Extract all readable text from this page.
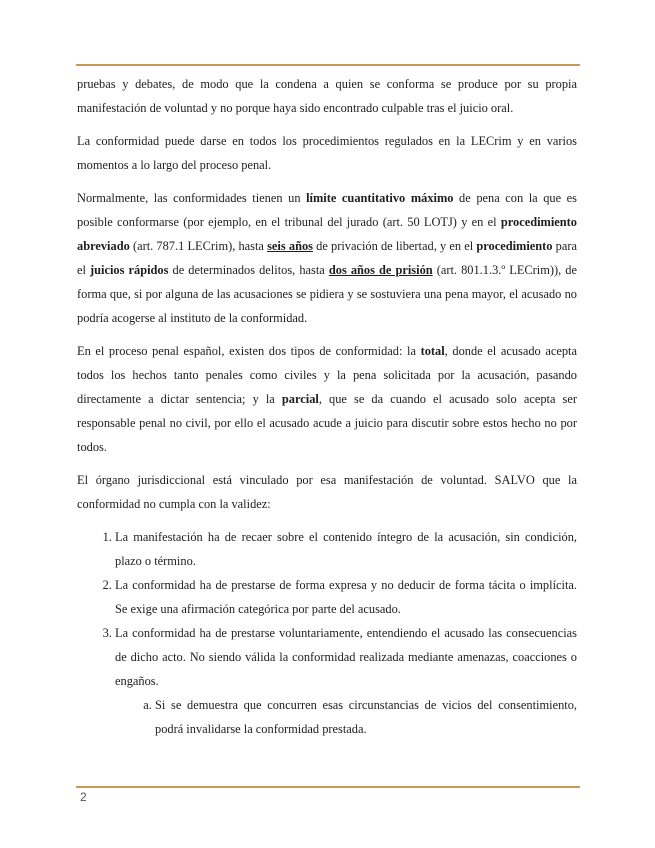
pruebas y debates, de modo que la condena a quien se conforma se produce por su propia manifestación de voluntad y no porque haya sido encontrado culpable tras el juicio oral.

La conformidad puede darse en todos los procedimientos regulados en la LECrim y en varios momentos a lo largo del proceso penal.

Normalmente, las conformidades tienen un límite cuantitativo máximo de pena con la que es posible conformarse (por ejemplo, en el tribunal del jurado (art. 50 LOTJ) y en el procedimiento abreviado (art. 787.1 LECrim), hasta seis años de privación de libertad, y en el procedimiento para el juicios rápidos de determinados delitos, hasta dos años de prisión (art. 801.1.3.º LECrim)), de forma que, si por alguna de las acusaciones se pidiera y se sostuviera una pena mayor, el acusado no podría acogerse al instituto de la conformidad.

En el proceso penal español, existen dos tipos de conformidad: la total, donde el acusado acepta todos los hechos tanto penales como civiles y la pena solicitada por la acusación, pasando directamente a dictar sentencia; y la parcial, que se da cuando el acusado solo acepta ser responsable penal no civil, por ello el acusado acude a juicio para discutir sobre estos hecho no por todos.

El órgano jurisdiccional está vinculado por esa manifestación de voluntad. SALVO que la conformidad no cumpla con la validez:

1. La manifestación ha de recaer sobre el contenido íntegro de la acusación, sin condición, plazo o término.
2. La conformidad ha de prestarse de forma expresa y no deducir de forma tácita o implícita. Se exige una afirmación categórica por parte del acusado.
3. La conformidad ha de prestarse voluntariamente, entendiendo el acusado las consecuencias de dicho acto. No siendo válida la conformidad realizada mediante amenazas, coacciones o engaños.
a. Si se demuestra que concurren esas circunstancias de vicios del consentimiento, podrá invalidarse la conformidad prestada.
2
